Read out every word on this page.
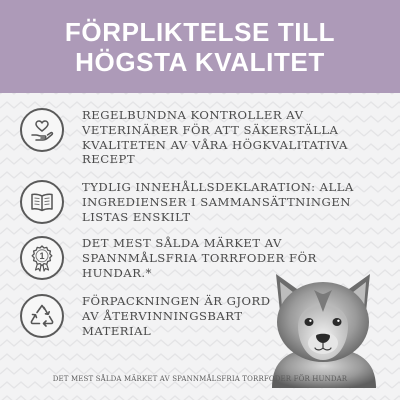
FÖRPLIKTELSE TILL
HÖGSTA KVALITET
REGELBUNDNA KONTROLLER AV
VETERINÄRER FÖR ATT SÄKERSTÄLLA
KVALITETEN AV VÅRA HÖGKVALITATIVA
RECEPT
TYDLIG INNEHÅLLSDEKLARATION: ALLA
INGREDIENSER I SAMMANSÄTTNINGEN
LISTAS ENSKILT
1
DET MEST SÅLDA MÄRKET AV
SPANNMÅLSFRIA TORRFODER FÖR
HUNDAR.*
FÖRPACKNINGEN ÄR GJORD
AV ÅTERVINNINGSBART
MATERIAL
DET MEST SÅLDA MÄRKET AV SPANNMÅLSFRIA TORRFODER FÖR HUNDAR
